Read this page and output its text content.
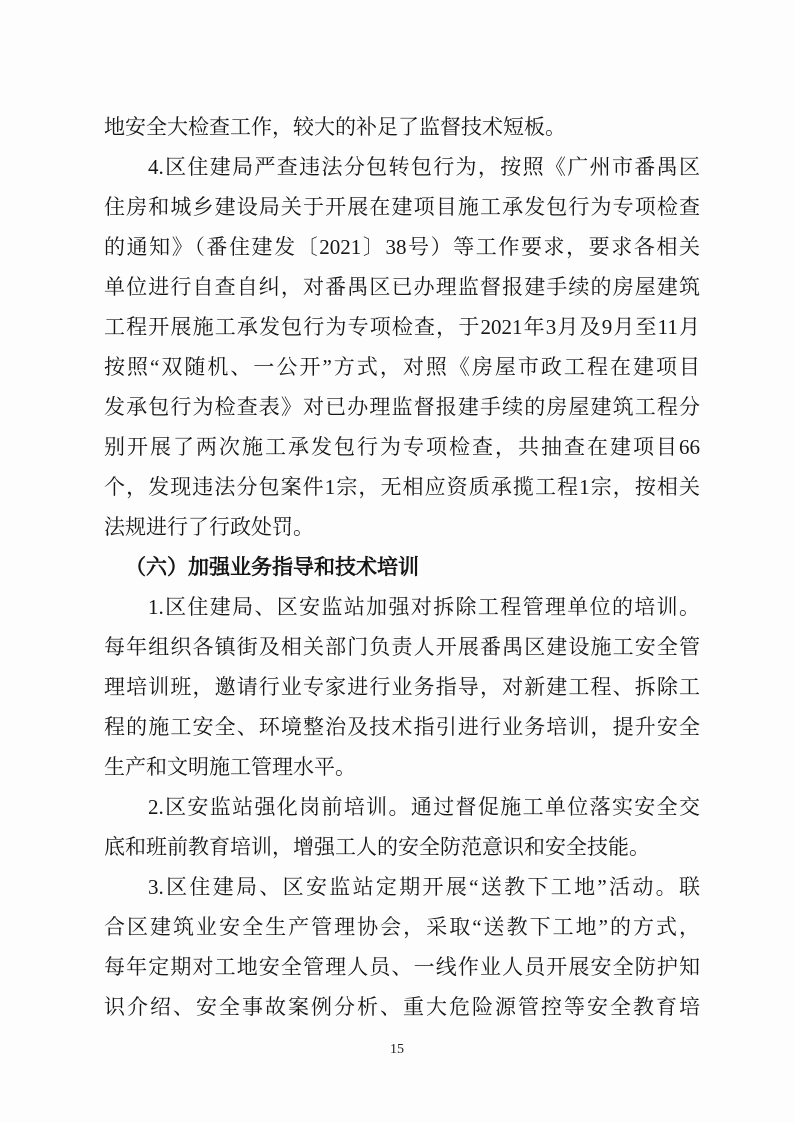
地安全大检查工作，较大的补足了监督技术短板。
4.区住建局严查违法分包转包行为，按照《广州市番禺区
住房和城乡建设局关于开展在建项目施工承发包行为专项检查
的通知》（番住建发〔2021〕38号）等工作要求，要求各相关
单位进行自查自纠，对番禺区已办理监督报建手续的房屋建筑
工程开展施工承发包行为专项检查，于2021年3月及9月至11月
按照“双随机、一公开”方式，对照《房屋市政工程在建项目
发承包行为检查表》对已办理监督报建手续的房屋建筑工程分
别开展了两次施工承发包行为专项检查，共抽查在建项目66
个，发现违法分包案件1宗，无相应资质承揽工程1宗，按相关
法规进行了行政处罚。
（六）加强业务指导和技术培训
1.区住建局、区安监站加强对拆除工程管理单位的培训。
每年组织各镇街及相关部门负责人开展番禺区建设施工安全管
理培训班，邀请行业专家进行业务指导，对新建工程、拆除工
程的施工安全、环境整治及技术指引进行业务培训，提升安全
生产和文明施工管理水平。
2.区安监站强化岗前培训。通过督促施工单位落实安全交
底和班前教育培训，增强工人的安全防范意识和安全技能。
3.区住建局、区安监站定期开展“送教下工地”活动。联
合区建筑业安全生产管理协会，采取“送教下工地”的方式，
每年定期对工地安全管理人员、一线作业人员开展安全防护知
识介绍、安全事故案例分析、重大危险源管控等安全教育培
15
